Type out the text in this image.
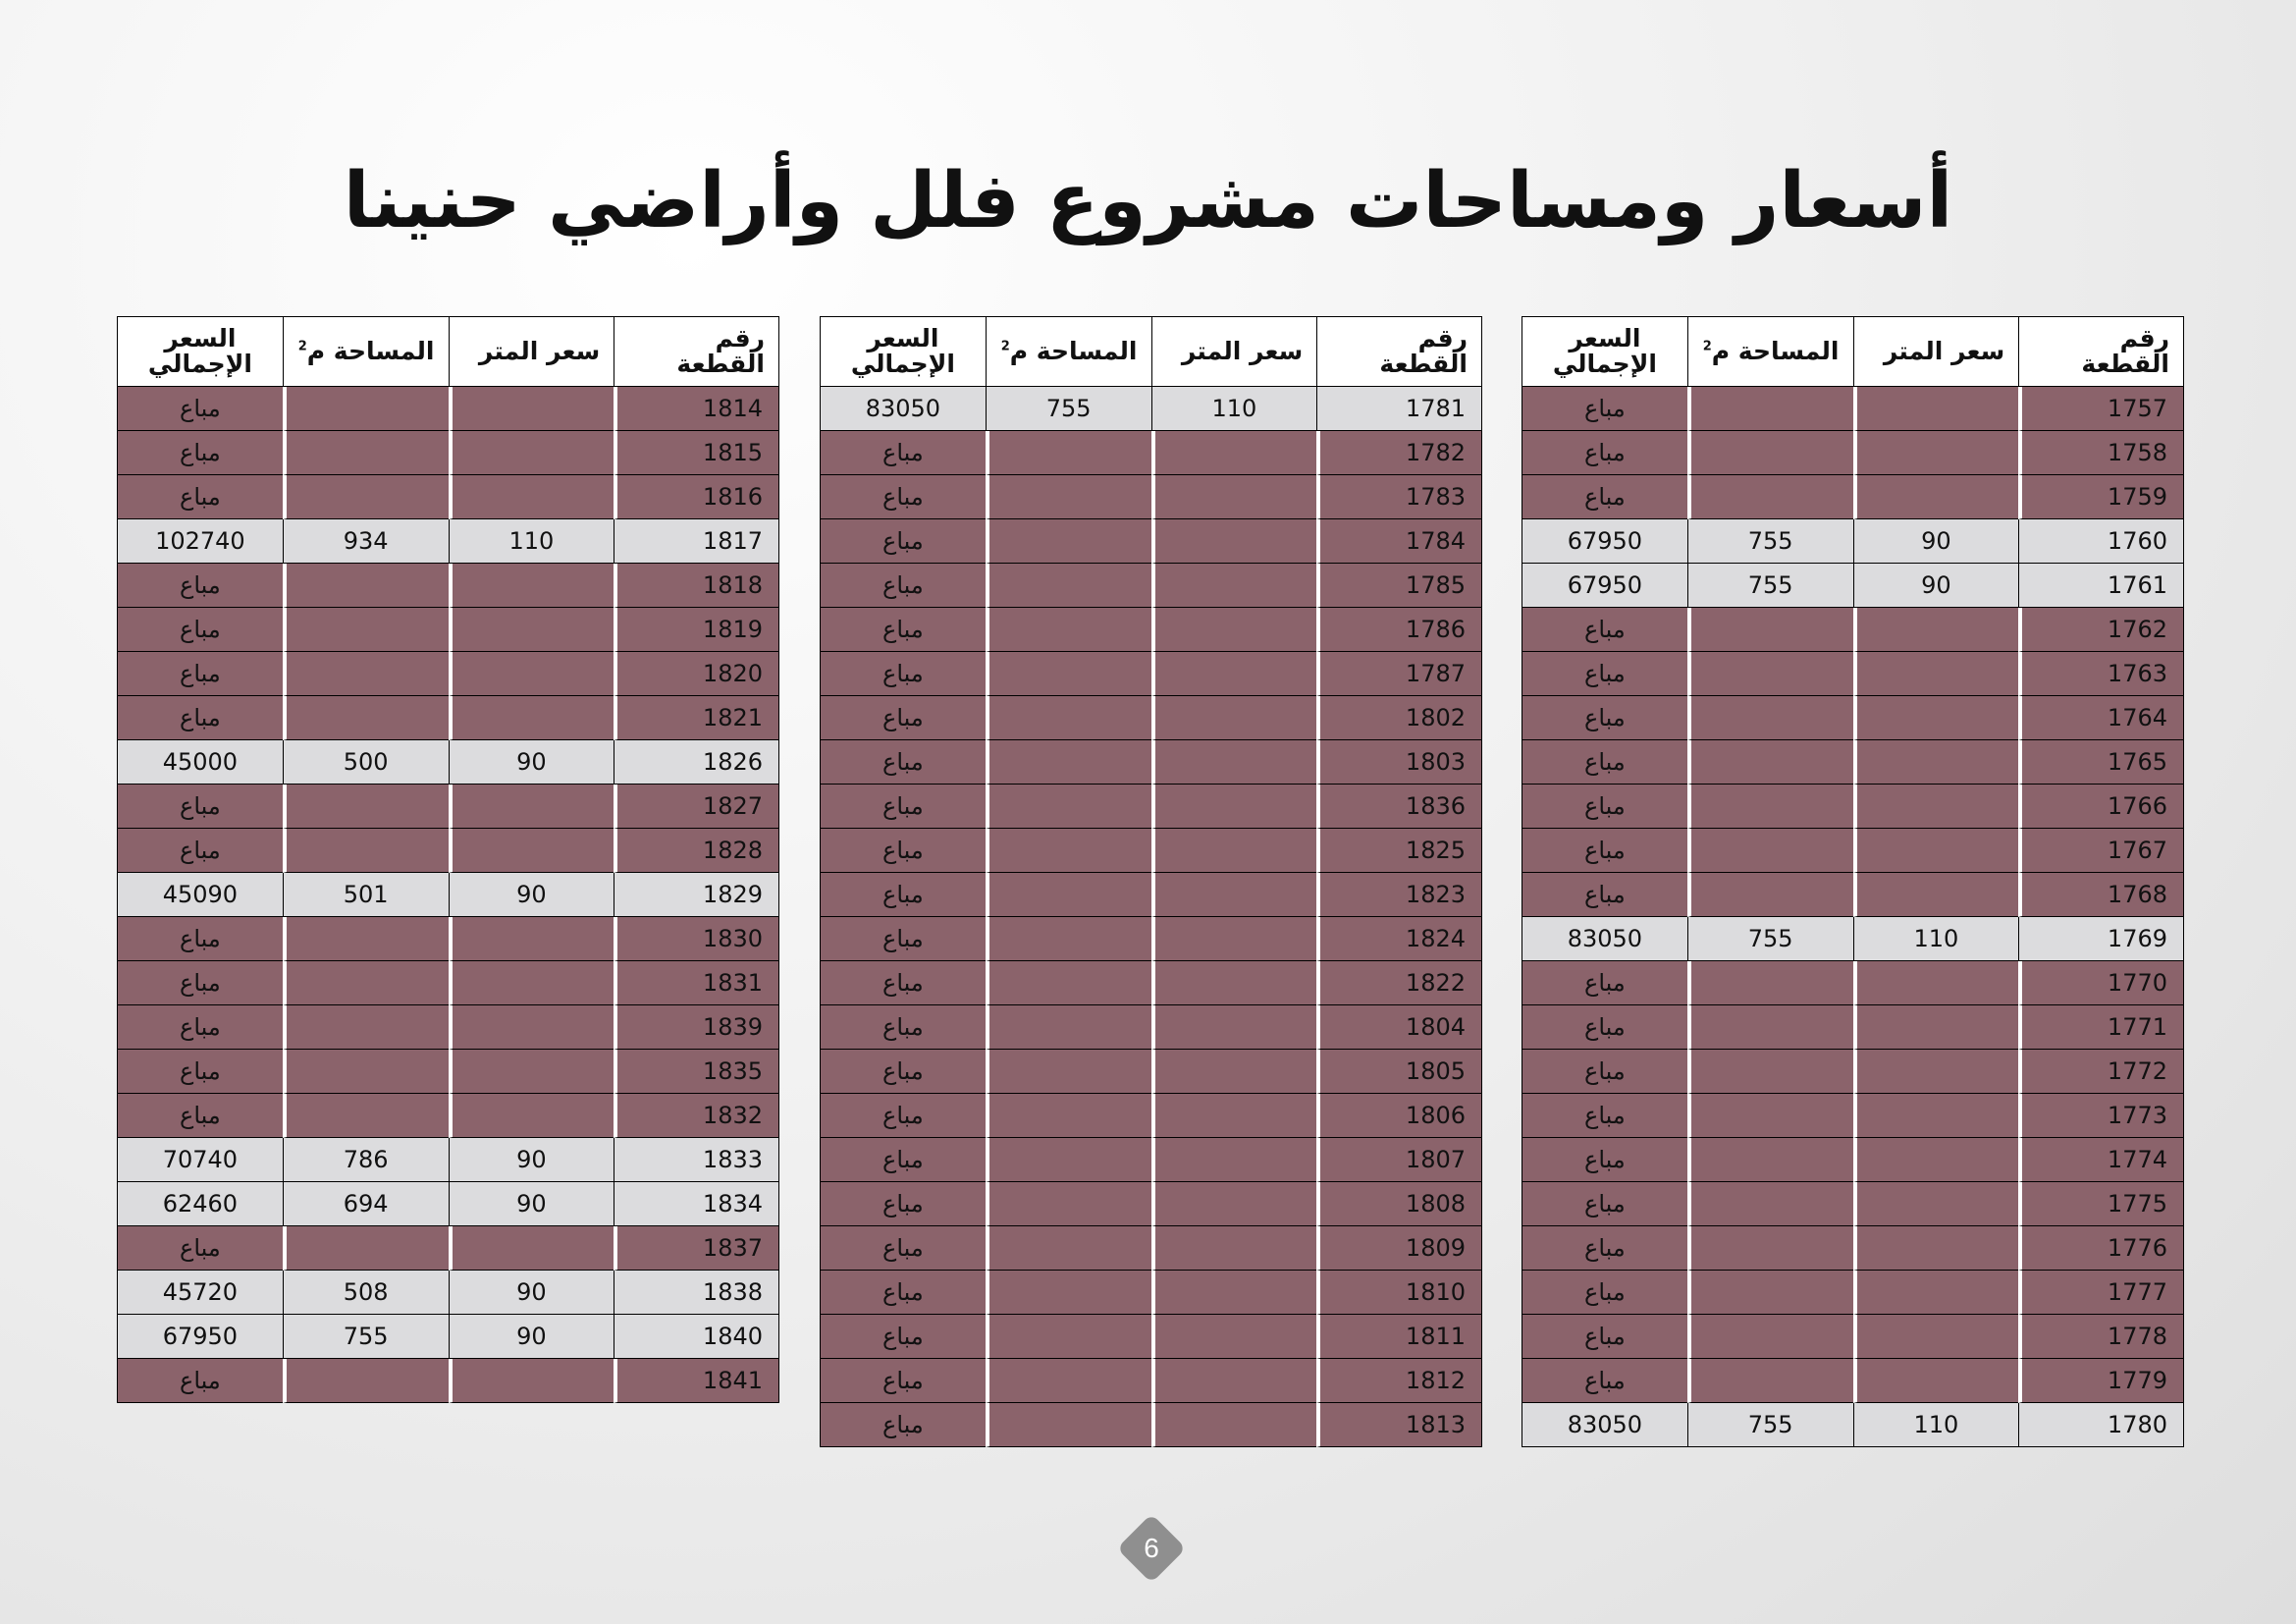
أسعار ومساحات مشروع فلل وأراضي حنينا
رقم القطعة	سعر المتر	المساحة م$^2$	السعر الإجمالي
1757			مباع
1758			مباع
1759			مباع
1760	90	755	67950
1761	90	755	67950
1762			مباع
1763			مباع
1764			مباع
1765			مباع
1766			مباع
1767			مباع
1768			مباع
1769	110	755	83050
1770			مباع
1771			مباع
1772			مباع
1773			مباع
1774			مباع
1775			مباع
1776			مباع
1777			مباع
1778			مباع
1779			مباع
1780	110	755	83050
رقم القطعة	سعر المتر	المساحة م$^2$	السعر الإجمالي
1781	110	755	83050
1782			مباع
1783			مباع
1784			مباع
1785			مباع
1786			مباع
1787			مباع
1802			مباع
1803			مباع
1836			مباع
1825			مباع
1823			مباع
1824			مباع
1822			مباع
1804			مباع
1805			مباع
1806			مباع
1807			مباع
1808			مباع
1809			مباع
1810			مباع
1811			مباع
1812			مباع
1813			مباع
رقم القطعة	سعر المتر	المساحة م$^2$	السعر الإجمالي
1814			مباع
1815			مباع
1816			مباع
1817	110	934	102740
1818			مباع
1819			مباع
1820			مباع
1821			مباع
1826	90	500	45000
1827			مباع
1828			مباع
1829	90	501	45090
1830			مباع
1831			مباع
1839			مباع
1835			مباع
1832			مباع
1833	90	786	70740
1834	90	694	62460
1837			مباع
1838	90	508	45720
1840	90	755	67950
1841			مباع
6
